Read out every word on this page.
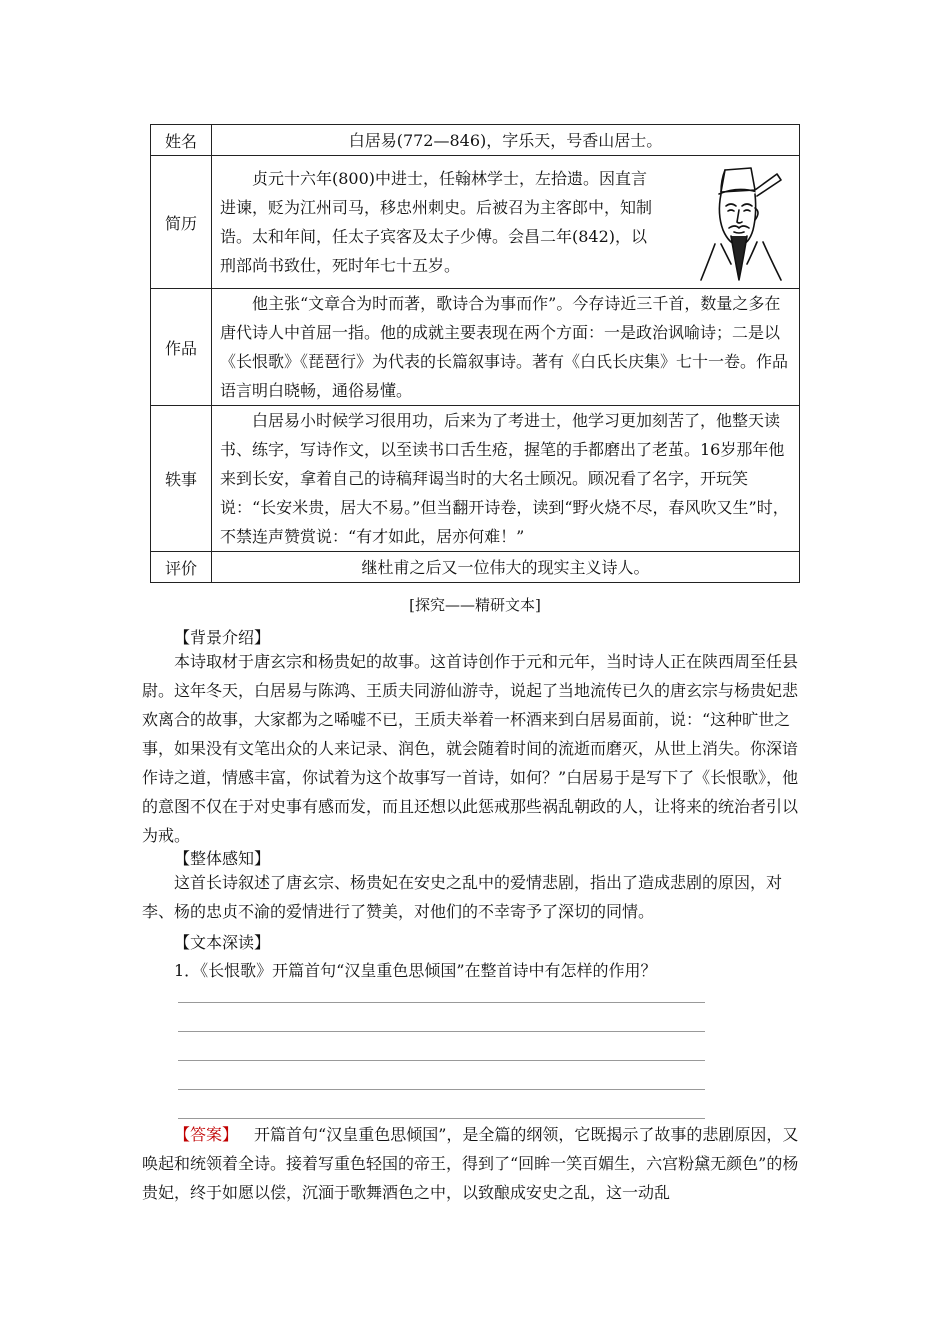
姓名	白居易(772—846)，字乐天，号香山居士。
简历	贞元十六年(800)中进士，任翰林学士，左拾遗。因直言进谏，贬为江州司马，移忠州刺史。后被召为主客郎中，知制诰。太和年间，任太子宾客及太子少傅。会昌二年(842)，以刑部尚书致仕，死时年七十五岁。

作品	他主张“文章合为时而著，歌诗合为事而作”。今存诗近三千首，数量之多在唐代诗人中首屈一指。他的成就主要表现在两个方面：一是政治讽喻诗；二是以《长恨歌》《琵琶行》为代表的长篇叙事诗。著有《白氏长庆集》七十一卷。作品语言明白晓畅，通俗易懂。
轶事	白居易小时候学习很用功，后来为了考进士，他学习更加刻苦了，他整天读书、练字，写诗作文，以至读书口舌生疮，握笔的手都磨出了老茧。16岁那年他来到长安，拿着自己的诗稿拜谒当时的大名士顾况。顾况看了名字，开玩笑说：“长安米贵，居大不易。”但当翻开诗卷，读到“野火烧不尽，春风吹又生”时，不禁连声赞赏说：“有才如此，居亦何难！”
评价	继杜甫之后又一位伟大的现实主义诗人。
[探究——精研文本]
【背景介绍】

本诗取材于唐玄宗和杨贵妃的故事。这首诗创作于元和元年，当时诗人正在陕西周至任县尉。这年冬天，白居易与陈鸿、王质夫同游仙游寺，说起了当地流传已久的唐玄宗与杨贵妃悲欢离合的故事，大家都为之唏嘘不已，王质夫举着一杯酒来到白居易面前，说：“这种旷世之事，如果没有文笔出众的人来记录、润色，就会随着时间的流逝而磨灭，从世上消失。你深谙作诗之道，情感丰富，你试着为这个故事写一首诗，如何？”白居易于是写下了《长恨歌》，他的意图不仅在于对史事有感而发，而且还想以此惩戒那些祸乱朝政的人，让将来的统治者引以为戒。

【整体感知】

这首长诗叙述了唐玄宗、杨贵妃在安史之乱中的爱情悲剧，指出了造成悲剧的原因，对李、杨的忠贞不渝的爱情进行了赞美，对他们的不幸寄予了深切的同情。

【文本深读】
1．《长恨歌》开篇首句“汉皇重色思倾国”在整首诗中有怎样的作用？

【答案】 开篇首句“汉皇重色思倾国”，是全篇的纲领，它既揭示了故事的悲剧原因，又唤起和统领着全诗。接着写重色轻国的帝王，得到了“回眸一笑百媚生，六宫粉黛无颜色”的杨贵妃，终于如愿以偿，沉湎于歌舞酒色之中，以致酿成安史之乱，这一动乱
